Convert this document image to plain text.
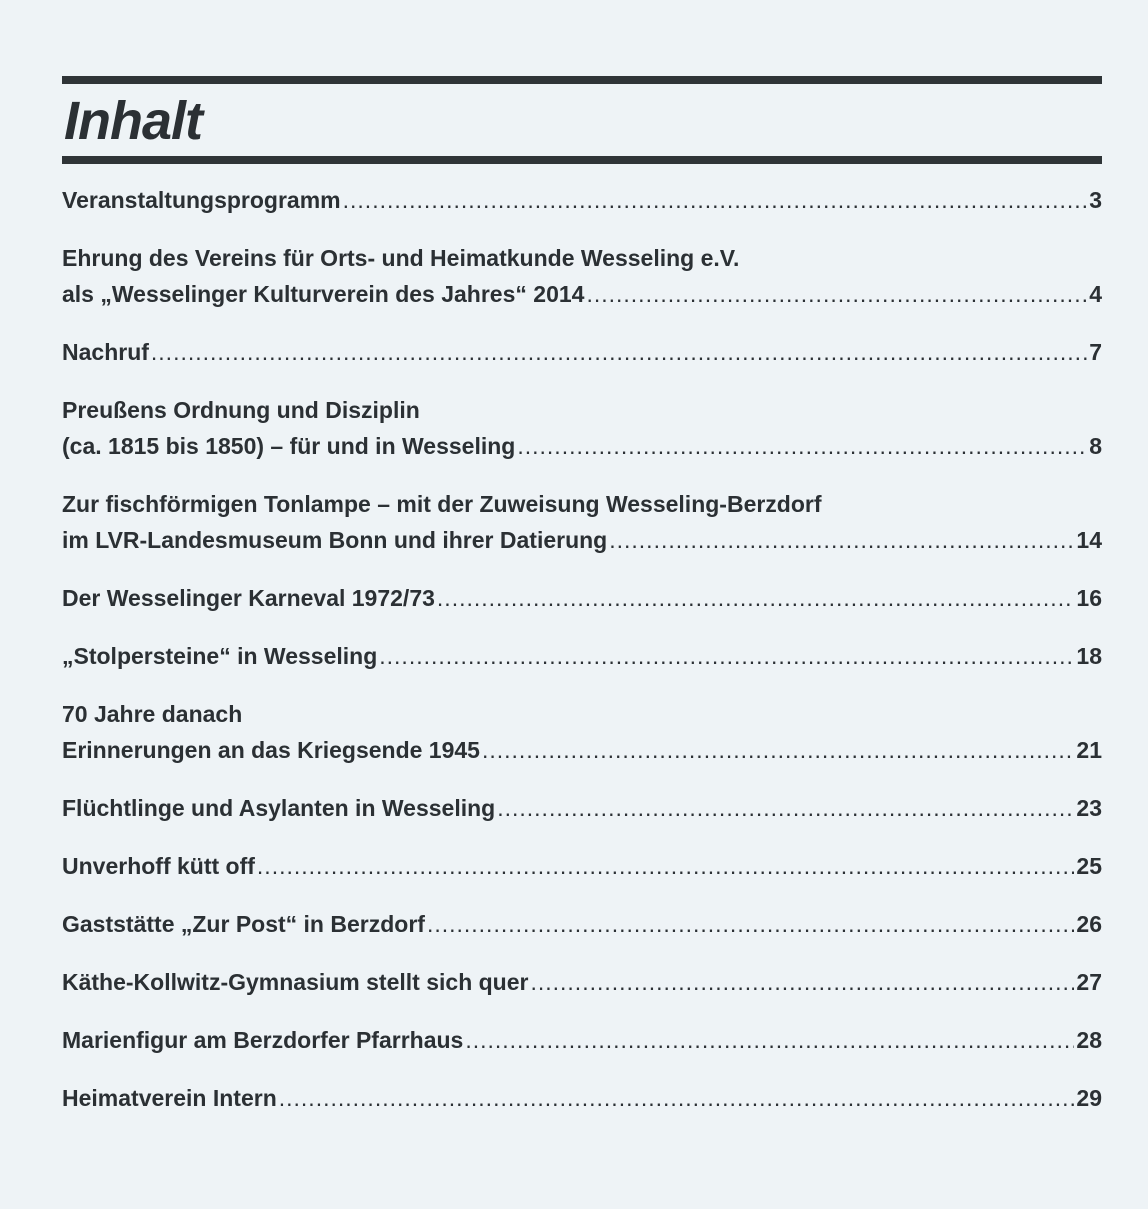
Inhalt
Veranstaltungsprogramm .....	3
Ehrung des Vereins für Orts- und Heimatkunde Wesseling e.V.
als „Wesselinger Kulturverein des Jahres“ 2014 .....	4
Nachruf .....	7
Preußens Ordnung und Disziplin
(ca. 1815 bis 1850) – für und in Wesseling .....	8
Zur fischförmigen Tonlampe – mit der Zuweisung Wesseling-Berzdorf
im LVR-Landesmuseum Bonn und ihrer Datierung .....	14
Der Wesselinger Karneval 1972/73 .....	16
„Stolpersteine“ in Wesseling .....	18
70 Jahre danach
Erinnerungen an das Kriegsende 1945 .....	21
Flüchtlinge und Asylanten in Wesseling .....	23
Unverhoff kütt off .....	25
Gaststätte „Zur Post“ in Berzdorf .....	26
Käthe-Kollwitz-Gymnasium stellt sich quer .....	27
Marienfigur am Berzdorfer Pfarrhaus .....	28
Heimatverein Intern .....	29
